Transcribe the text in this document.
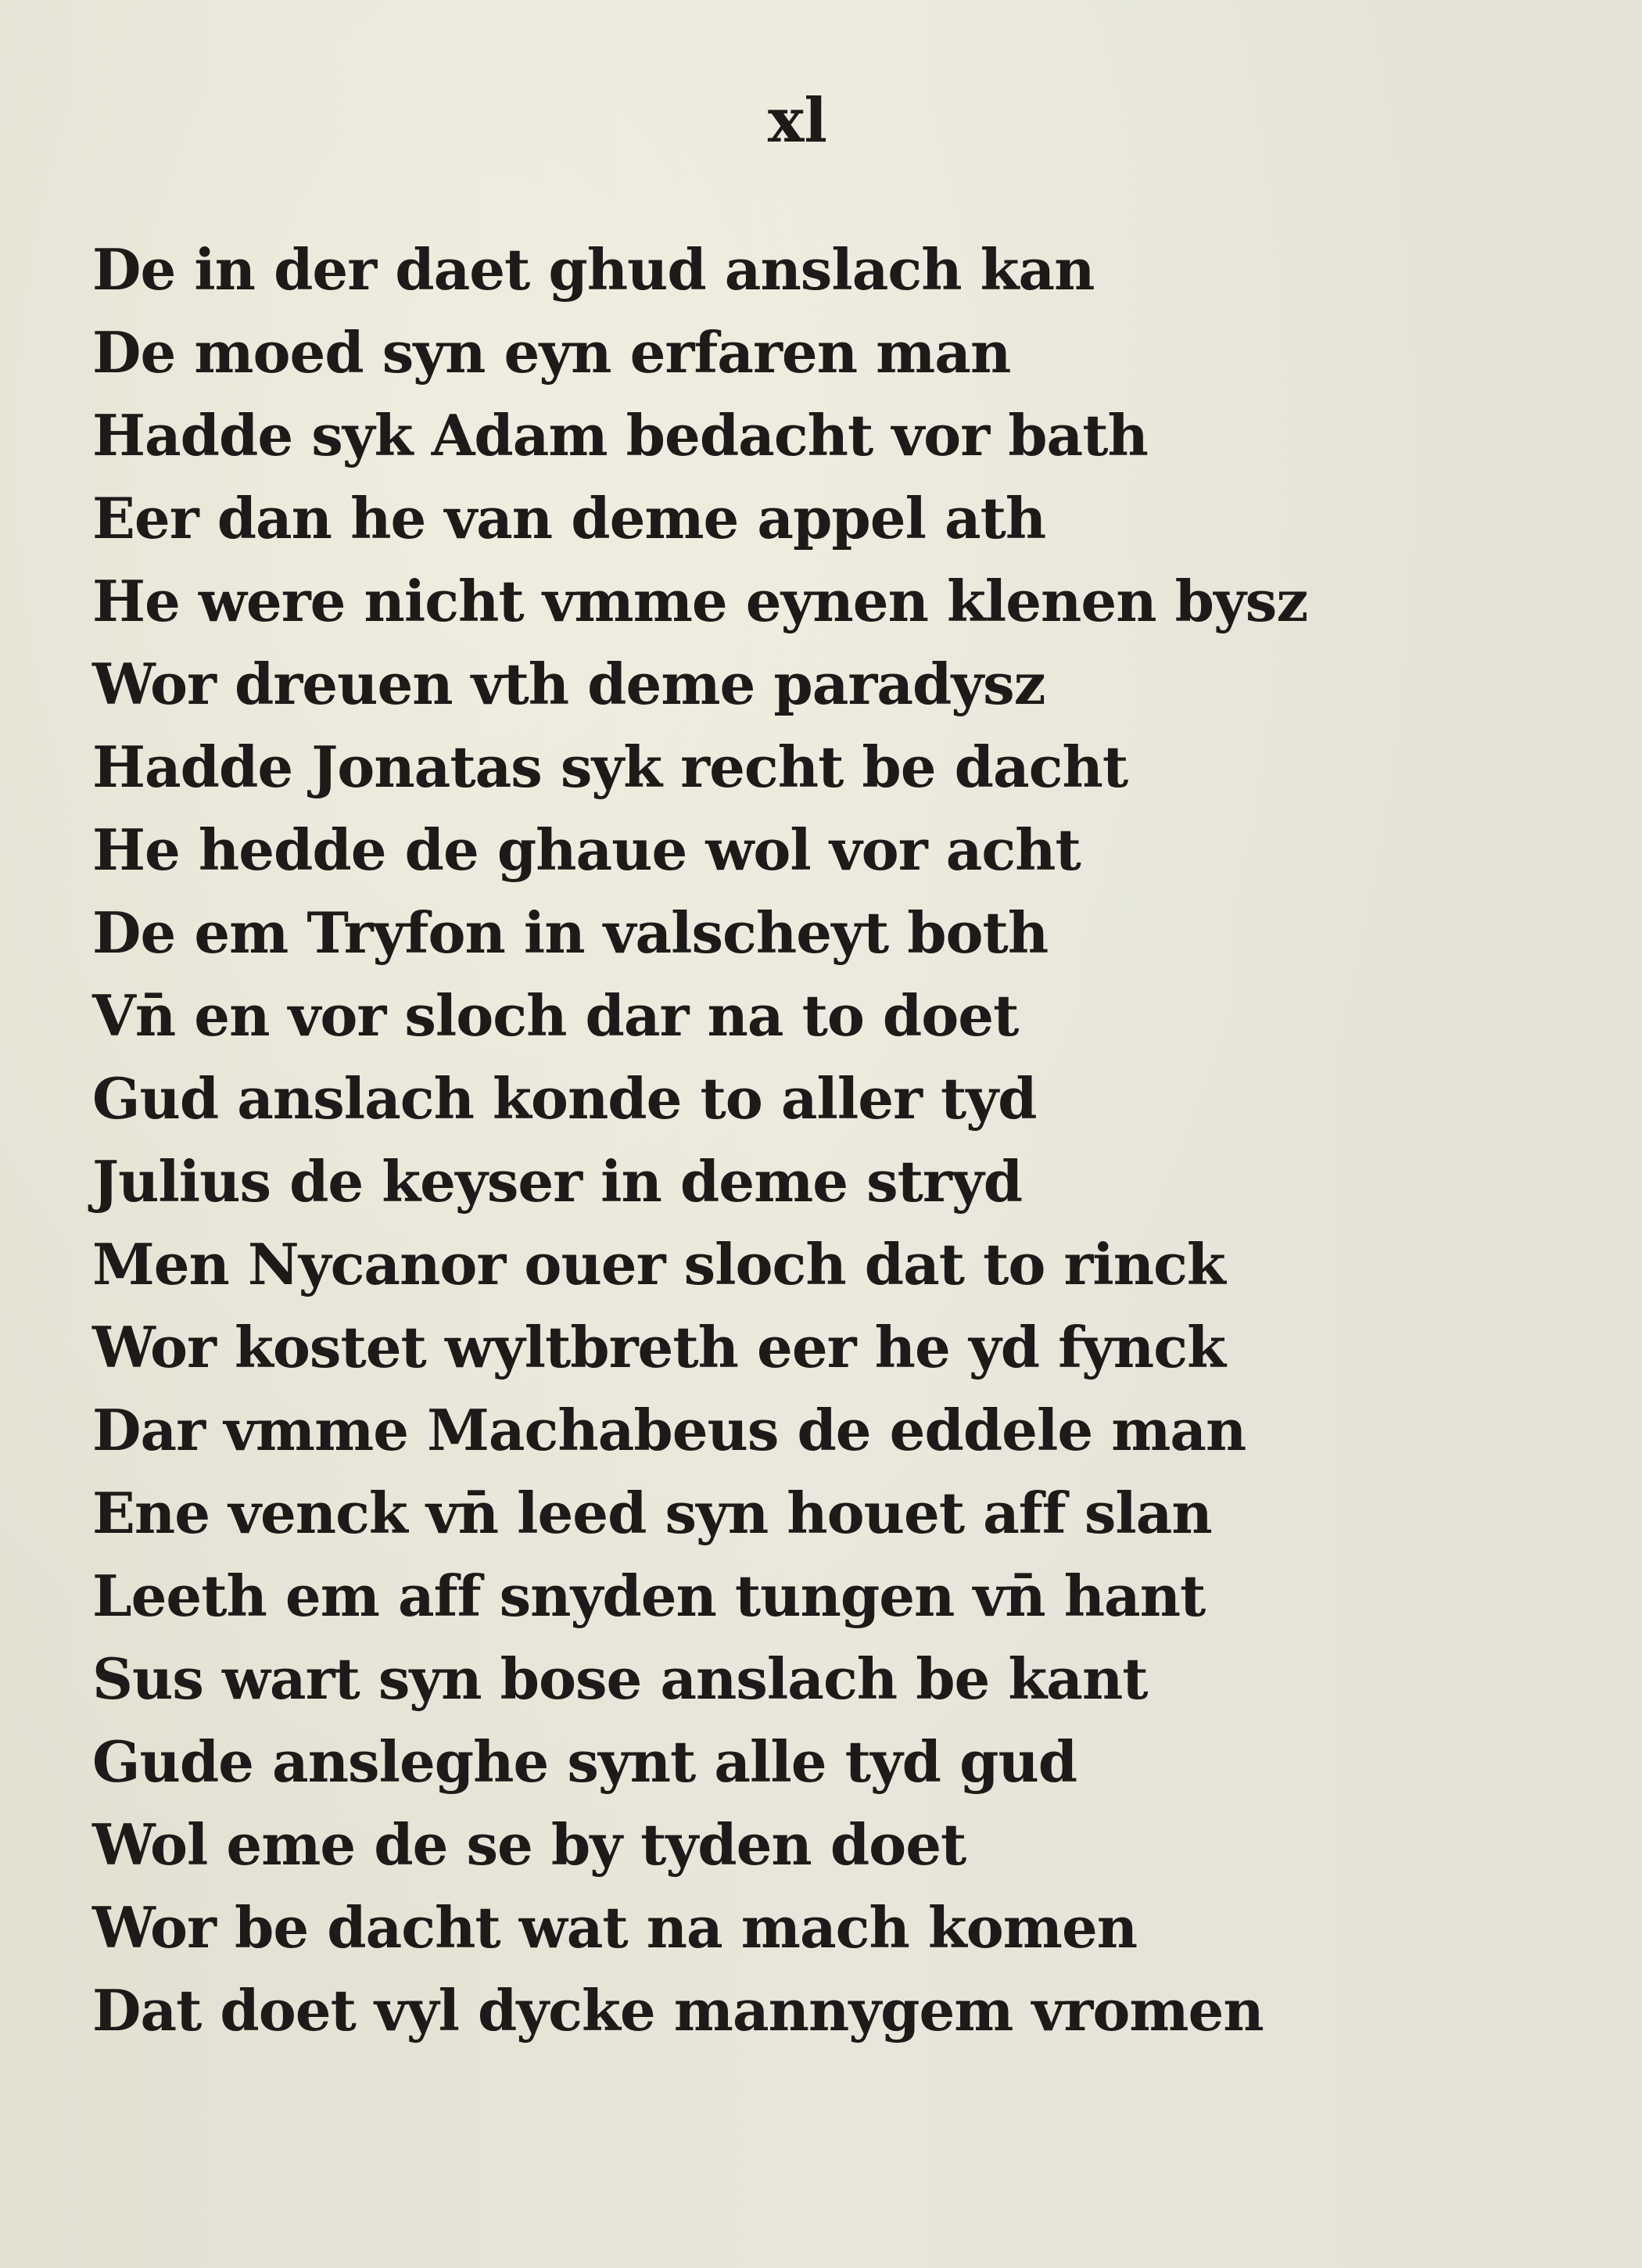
xl
De in der daet ghud anslach kan
De moed syn eyn erfaren man
Hadde syk Adam bedacht vor bath
Eer dan he van deme appel ath
He were nicht vmme eynen klenen bysz
Wor dreuen vth deme paradysz
Hadde Jonatas syk recht be dacht
He hedde de ghaue wol vor acht
De em Tryfon in valscheyt both
Vn̄ en vor sloch dar na to doet
Gud anslach konde to aller tyd
Julius de keyser in deme stryd
Men Nycanor ouer sloch dat to rinck
Wor kostet wyltbreth eer he yd fynck
Dar vmme Machabeus de eddele man
Ene venck vn̄ leed syn houet aff slan
Leeth em aff snyden tungen vn̄ hant
Sus wart syn bose anslach be kant
Gude anslеghe synt alle tyd gud
Wol eme de se by tyden doet
Wor be dacht wat na mach komen
Dat doet vyl dycke mannygem vromen
